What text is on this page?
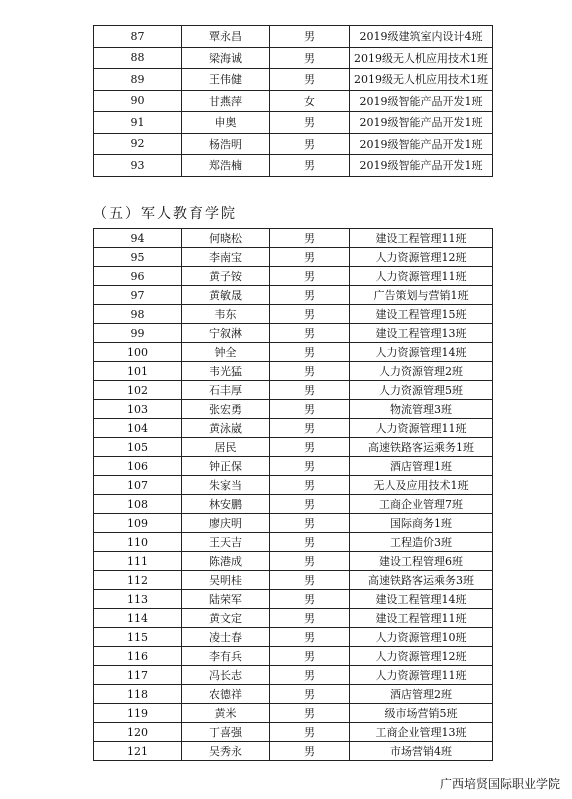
87	覃永昌	男	2019级建筑室内设计4班
88	梁海诚	男	2019级无人机应用技术1班
89	王伟健	男	2019级无人机应用技术1班
90	甘燕萍	女	2019级智能产品开发1班
91	申奥	男	2019级智能产品开发1班
92	杨浩明	男	2019级智能产品开发1班
93	郑浩楠	男	2019级智能产品开发1班
（五）军人教育学院
94	何晓松	男	建设工程管理11班
95	李南宝	男	人力资源管理12班
96	黄子铵	男	人力资源管理11班
97	黄敏晟	男	广告策划与营销1班
98	韦东	男	建设工程管理15班
99	宁叙淋	男	建设工程管理13班
100	钟全	男	人力资源管理14班
101	韦光猛	男	人力资源管理2班
102	石丰厚	男	人力资源管理5班
103	张宏勇	男	物流管理3班
104	黄泳崴	男	人力资源管理11班
105	居民	男	高速铁路客运乘务1班
106	钟正保	男	酒店管理1班
107	朱家当	男	无人及应用技术1班
108	林安鹏	男	工商企业管理7班
109	廖庆明	男	国际商务1班
110	王天吉	男	工程造价3班
111	陈港成	男	建设工程管理6班
112	吴明桂	男	高速铁路客运乘务3班
113	陆荣军	男	建设工程管理14班
114	黄文定	男	建设工程管理11班
115	凌士春	男	人力资源管理10班
116	李有兵	男	人力资源管理12班
117	冯长志	男	人力资源管理11班
118	农德祥	男	酒店管理2班
119	黄米	男	级市场营销5班
120	丁喜强	男	工商企业管理13班
121	吴秀永	男	市场营销4班
广西培贤国际职业学院
